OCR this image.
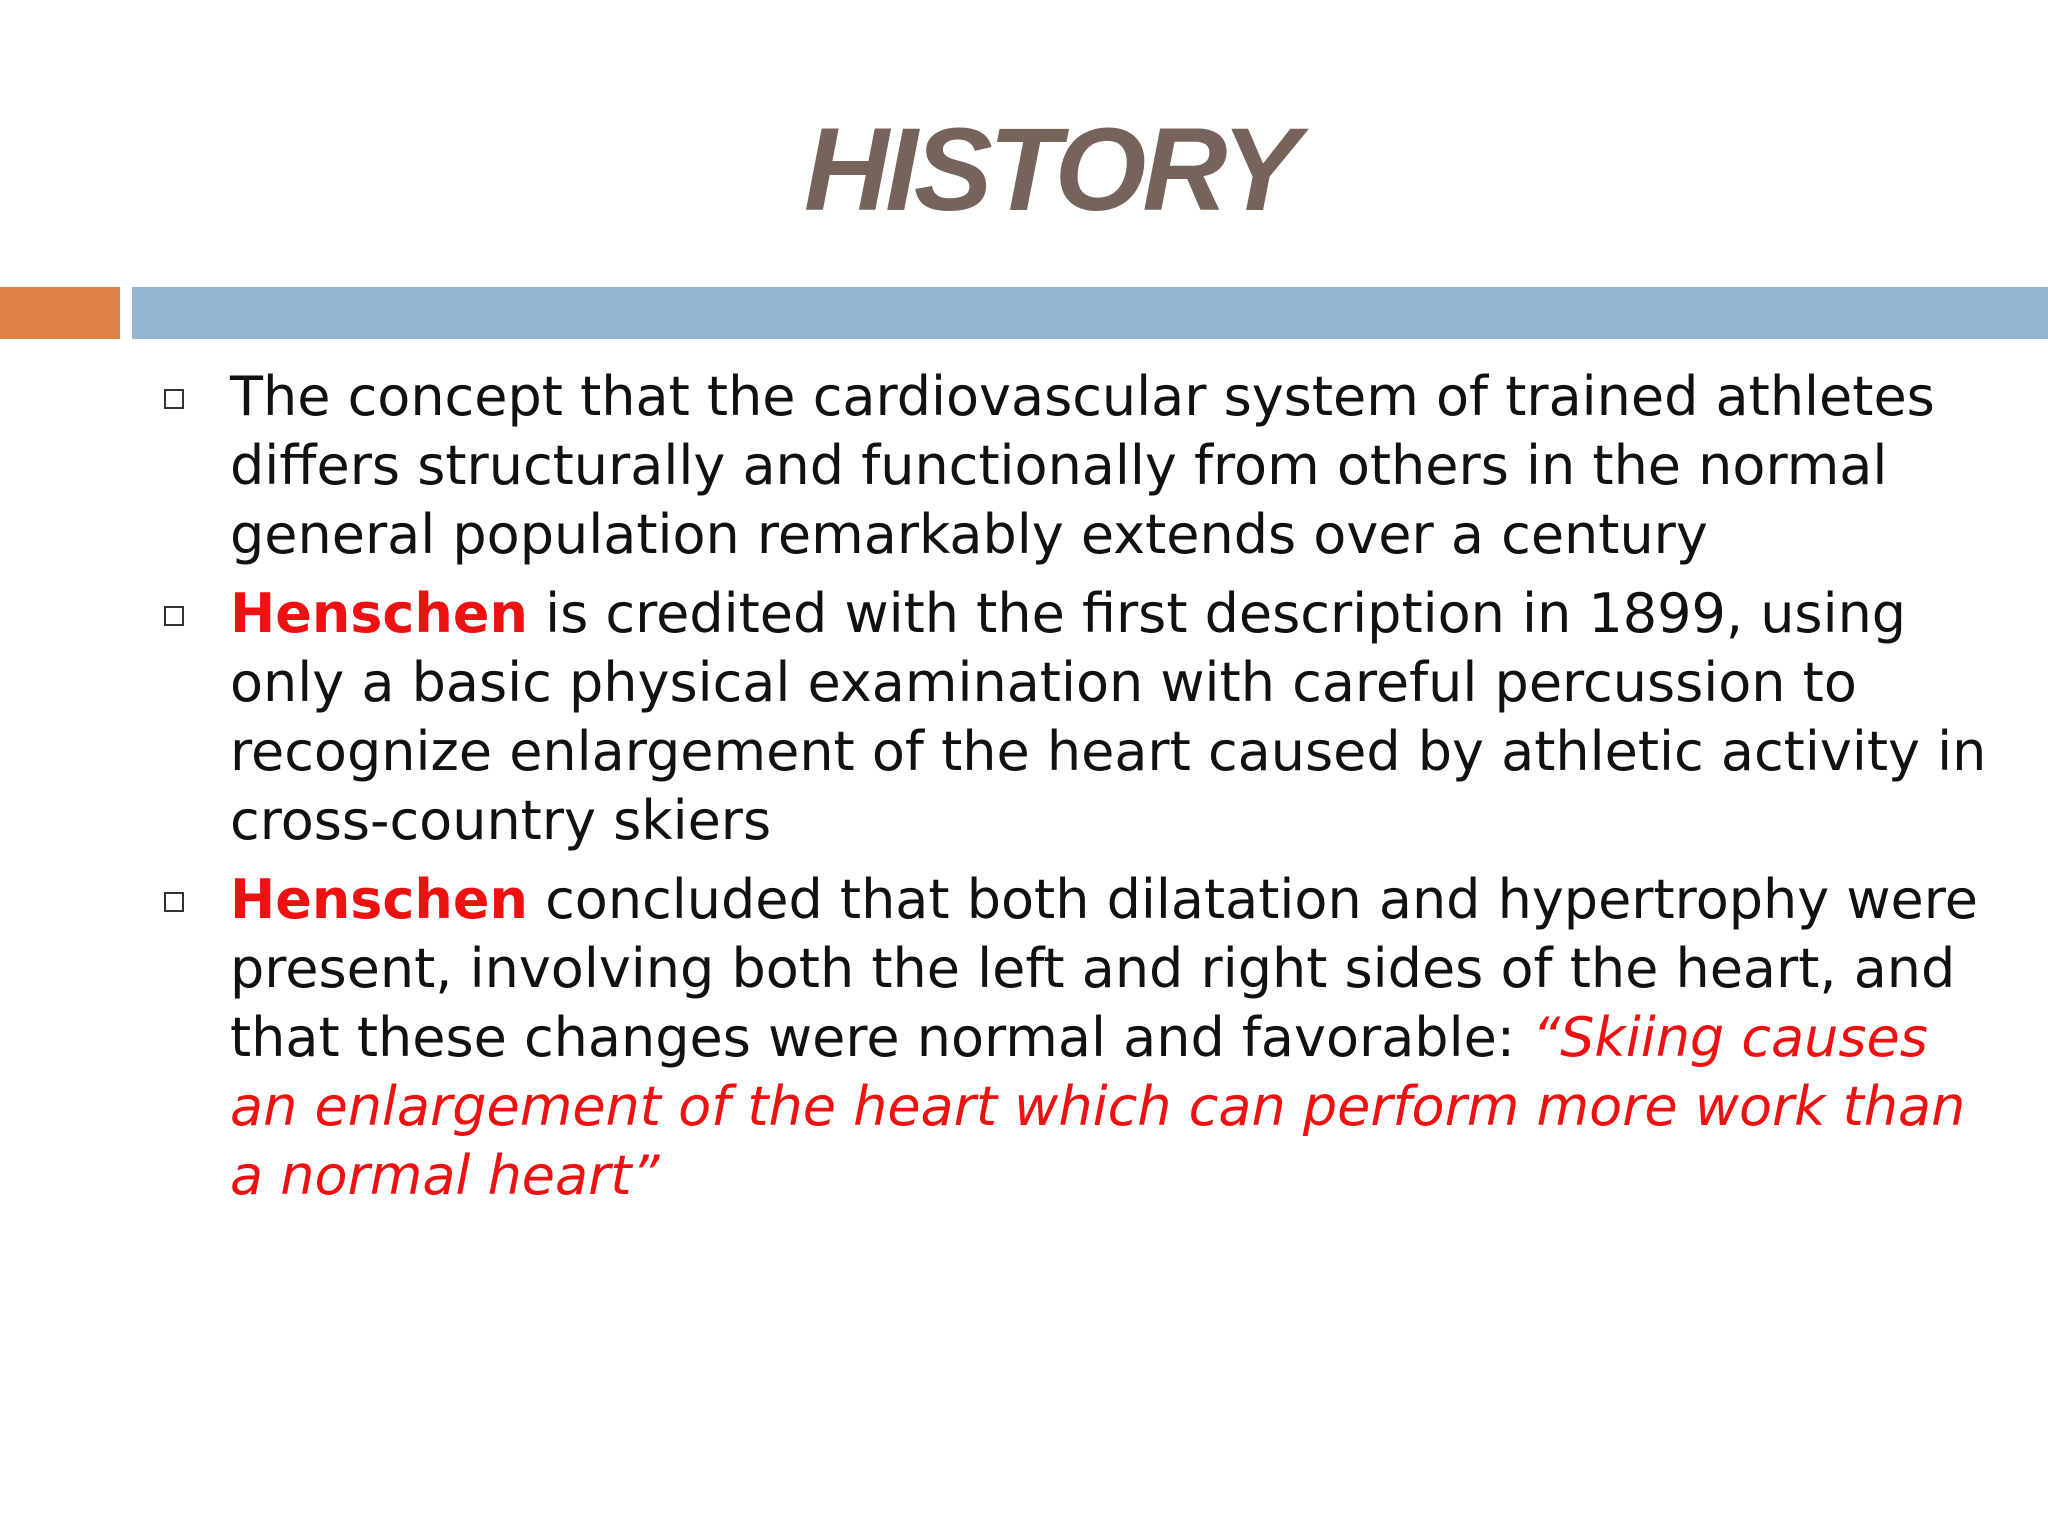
HISTORY
The concept that the cardiovascular system of trained athletes differs structurally and functionally from others in the normal general population remarkably extends over a century
Henschen is credited with the first description in 1899, using only a basic physical examination with careful percussion to recognize enlargement of the heart caused by athletic activity in cross-country skiers
Henschen concluded that both dilatation and hypertrophy were present, involving both the left and right sides of the heart, and that these changes were normal and favorable: “Skiing causes an enlargement of the heart which can perform more work than a normal heart”
